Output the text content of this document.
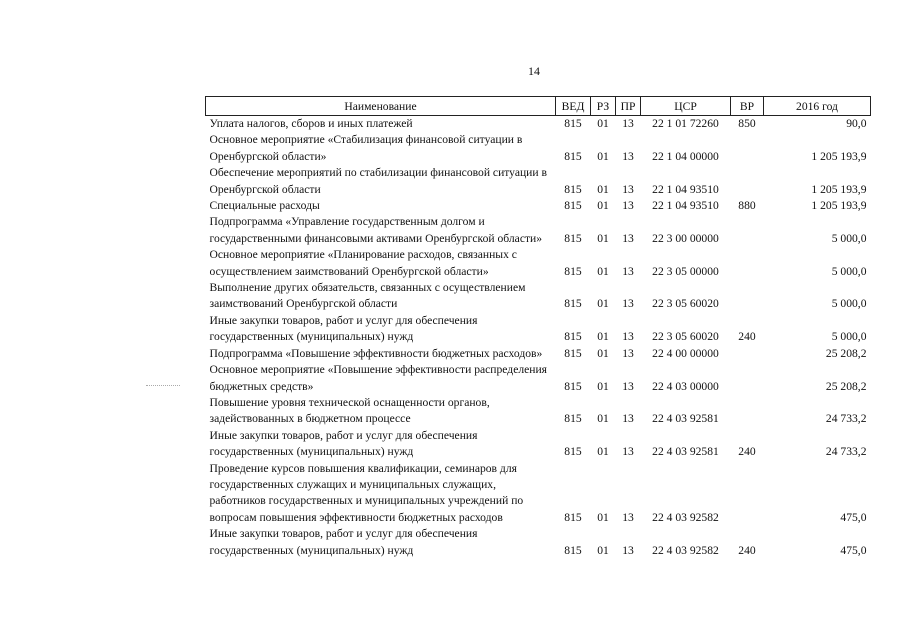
14
Наименование	ВЕД	РЗ	ПР	ЦСР	ВР	2016 год
Уплата налогов, сборов и иных платежей	815	01	13	22 1 01 72260	850	90,0
Основное мероприятие «Стабилизация финансовой ситуации в Оренбургской области»	815	01	13	22 1 04 00000		1 205 193,9
Обеспечение мероприятий по стабилизации финансовой ситуации в Оренбургской области	815	01	13	22 1 04 93510		1 205 193,9
Специальные расходы	815	01	13	22 1 04 93510	880	1 205 193,9
Подпрограмма «Управление государственным долгом и государственными финансовыми активами Оренбургской области»	815	01	13	22 3 00 00000		5 000,0
Основное мероприятие «Планирование расходов, связанных с осуществлением заимствований Оренбургской области»	815	01	13	22 3 05 00000		5 000,0
Выполнение других обязательств, связанных с осуществлением заимствований Оренбургской области	815	01	13	22 3 05 60020		5 000,0
Иные закупки товаров, работ и услуг для обеспечения государственных (муниципальных) нужд	815	01	13	22 3 05 60020	240	5 000,0
Подпрограмма «Повышение эффективности бюджетных расходов»	815	01	13	22 4 00 00000		25 208,2
Основное мероприятие «Повышение эффективности распределения бюджетных средств»	815	01	13	22 4 03 00000		25 208,2
Повышение уровня технической оснащенности органов, задействованных в бюджетном процессе	815	01	13	22 4 03 92581		24 733,2
Иные закупки товаров, работ и услуг для обеспечения государственных (муниципальных) нужд	815	01	13	22 4 03 92581	240	24 733,2
Проведение курсов повышения квалификации, семинаров для государственных служащих и муниципальных служащих, работников государственных и муниципальных учреждений по вопросам повышения эффективности бюджетных расходов	815	01	13	22 4 03 92582		475,0
Иные закупки товаров, работ и услуг для обеспечения государственных (муниципальных) нужд	815	01	13	22 4 03 92582	240	475,0
